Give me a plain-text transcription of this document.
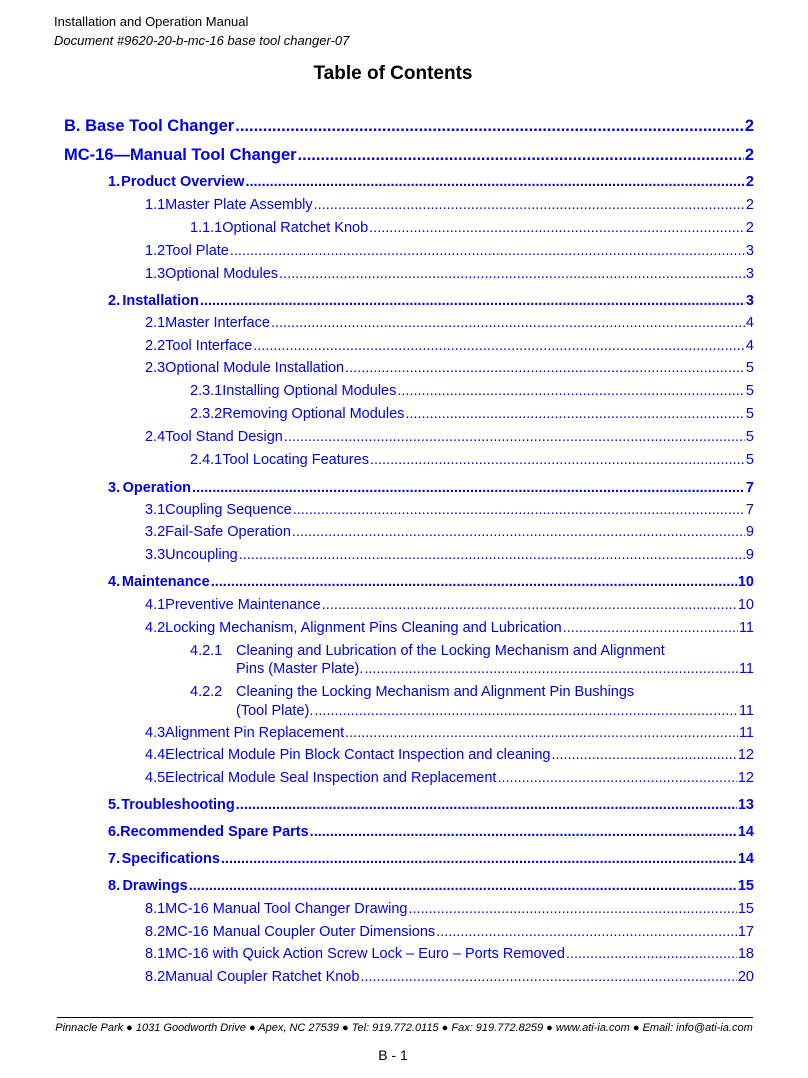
Installation and Operation Manual
Document #9620-20-b-mc-16 base tool changer-07
Table of Contents
B. Base Tool Changer .....	2
MC-16—Manual Tool Changer .....	2
1. Product Overview .....	2
1.1 Master Plate Assembly .....	2
1.1.1 Optional Ratchet Knob .....	2
1.2 Tool Plate .....	3
1.3 Optional Modules .....	3
2. Installation .....	3
2.1 Master Interface .....	4
2.2 Tool Interface .....	4
2.3 Optional Module Installation .....	5
2.3.1 Installing Optional Modules .....	5
2.3.2 Removing Optional Modules .....	5
2.4 Tool Stand Design .....	5
2.4.1 Tool Locating Features .....	5
3. Operation .....	7
3.1 Coupling Sequence .....	7
3.2 Fail-Safe Operation .....	9
3.3 Uncoupling .....	9
4. Maintenance .....	10
4.1 Preventive Maintenance .....	10
4.2 Locking Mechanism, Alignment Pins Cleaning and Lubrication .....	11
4.2.1 Cleaning and Lubrication of the Locking Mechanism and Alignment
Pins (Master Plate). .....	11
4.2.2 Cleaning the Locking Mechanism and Alignment Pin Bushings
(Tool Plate). .....	11
4.3 Alignment Pin Replacement .....	11
4.4 Electrical Module Pin Block Contact Inspection and cleaning .....	12
4.5 Electrical Module Seal Inspection and Replacement .....	12
5. Troubleshooting .....	13
6. Recommended Spare Parts .....	14
7. Specifications .....	14
8. Drawings .....	15
8.1 MC-16 Manual Tool Changer Drawing .....	15
8.2 MC-16 Manual Coupler Outer Dimensions .....	17
8.1 MC-16 with Quick Action Screw Lock – Euro – Ports Removed .....	18
8.2 Manual Coupler Ratchet Knob .....	20
Pinnacle Park ● 1031 Goodworth Drive ● Apex, NC 27539 ● Tel: 919.772.0115 ● Fax: 919.772.8259 ● www.ati-ia.com ● Email: info@ati-ia.com
B - 1
